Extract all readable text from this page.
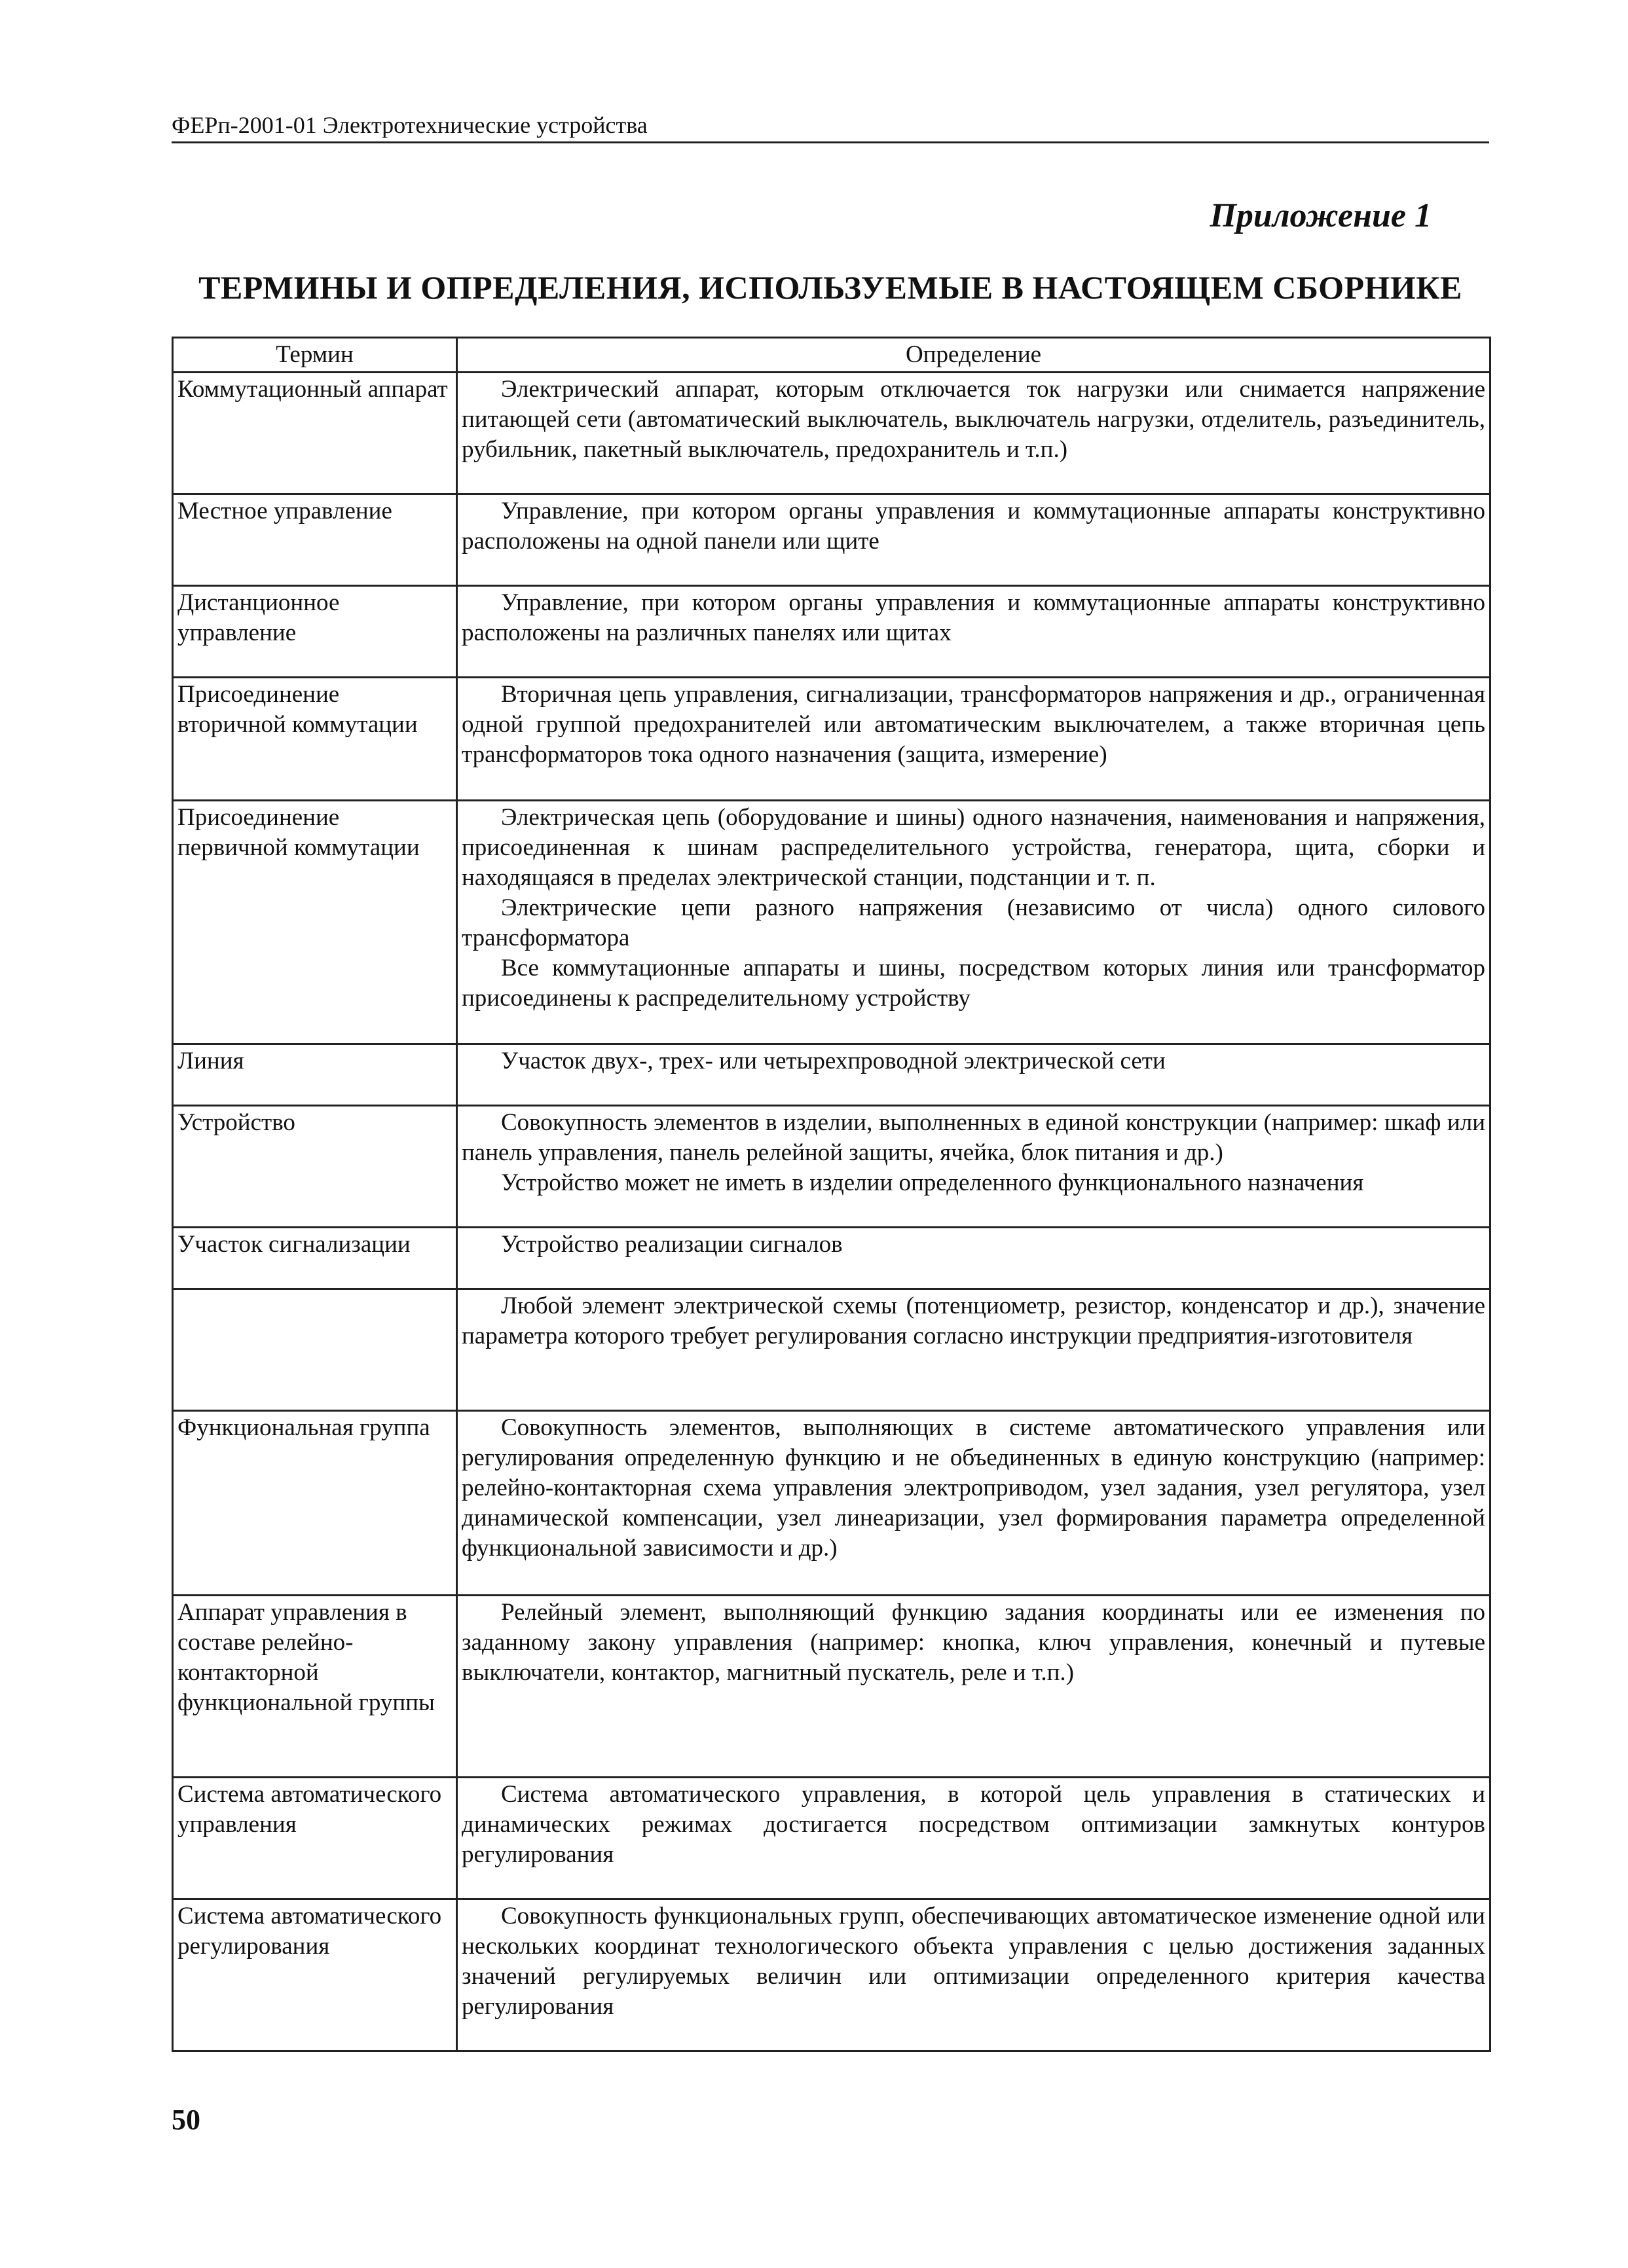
ФЕРп-2001-01 Электротехнические устройства
Приложение 1
ТЕРМИНЫ И ОПРЕДЕЛЕНИЯ, ИСПОЛЬЗУЕМЫЕ В НАСТОЯЩЕМ СБОРНИКЕ
Термин	Определение
Коммутационный аппарат	Электрический аппарат, которым отключается ток нагрузки или снимается напряжение питающей сети (автоматический выключатель, выключатель нагрузки, отделитель, разъединитель, рубильник, пакетный выключатель, предохранитель и т.п.)

Местное управление	Управление, при котором органы управления и коммутационные аппараты конструктивно расположены на одной панели или щите

Дистанционное управление	Управление, при котором органы управления и коммутационные аппараты конструктивно расположены на различных панелях или щитах

Присоединение вторичной коммутации	Вторичная цепь управления, сигнализации, трансформаторов напряжения и др., ограниченная одной группой предохранителей или автоматическим выключателем, а также вторичная цепь трансформаторов тока одного назначения (защита, измерение)

Присоединение первичной коммутации	Электрическая цепь (оборудование и шины) одного назначения, наименования и напряжения, присоединенная к шинам распределительного устройства, генератора, щита, сборки и находящаяся в пределах электрической станции, подстанции и т. п.
Электрические цепи разного напряжения (независимо от числа) одного силового трансформатора
Все коммутационные аппараты и шины, посредством которых линия или трансформатор присоединены к распределительному устройству

Линия	Участок двух-, трех- или четырехпроводной электрической сети

Устройство	Совокупность элементов в изделии, выполненных в единой конструкции (например: шкаф или панель управления, панель релейной защиты, ячейка, блок питания и др.)
Устройство может не иметь в изделии определенного функционального назначения

Участок сигнализации	Устройство реализации сигналов

	Любой элемент электрической схемы (потенциометр, резистор, конденсатор и др.), значение параметра которого требует регулирования согласно инструкции предприятия-изготовителя

Функциональная группа	Совокупность элементов, выполняющих в системе автоматического управления или регулирования определенную функцию и не объединенных в единую конструкцию (например: релейно-контакторная схема управления электроприводом, узел задания, узел регулятора, узел динамической компенсации, узел линеаризации, узел формирования параметра определенной функциональной зависимости и др.)

Аппарат управления в составе релейно-контакторной функциональной группы	Релейный элемент, выполняющий функцию задания координаты или ее изменения по заданному закону управления (например: кнопка, ключ управления, конечный и путевые выключатели, контактор, магнитный пускатель, реле и т.п.)

Система автоматического управления	Система автоматического управления, в которой цель управления в статических и динамических режимах достигается посредством оптимизации замкнутых контуров регулирования

Система автоматического регулирования	Совокупность функциональных групп, обеспечивающих автоматическое изменение одной или нескольких координат технологического объекта управления с целью достижения заданных значений регулируемых величин или оптимизации определенного критерия качества регулирования
50
